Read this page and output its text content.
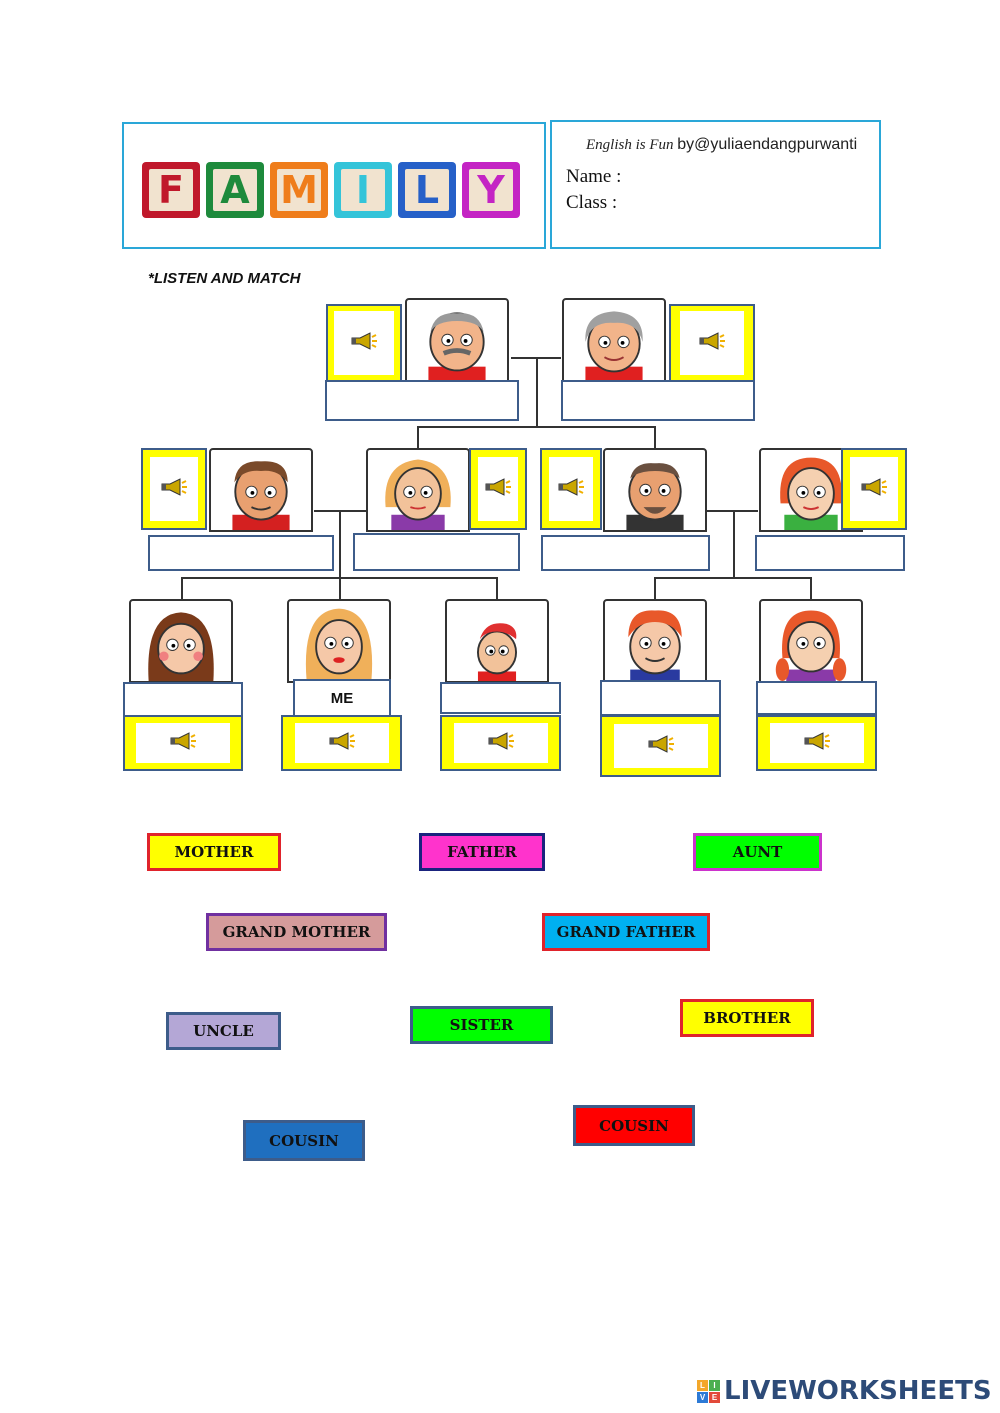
F A M I L Y
English is Fun by@yuliaendangpurwanti
Name :
Class :
*LISTEN AND MATCH
ME
MOTHER	FATHER	AUNT
GRAND MOTHER	GRAND FATHER
UNCLE	SISTER	BROTHER
COUSIN
COUSIN
L	I
V E LIVEWORKSHEETS
